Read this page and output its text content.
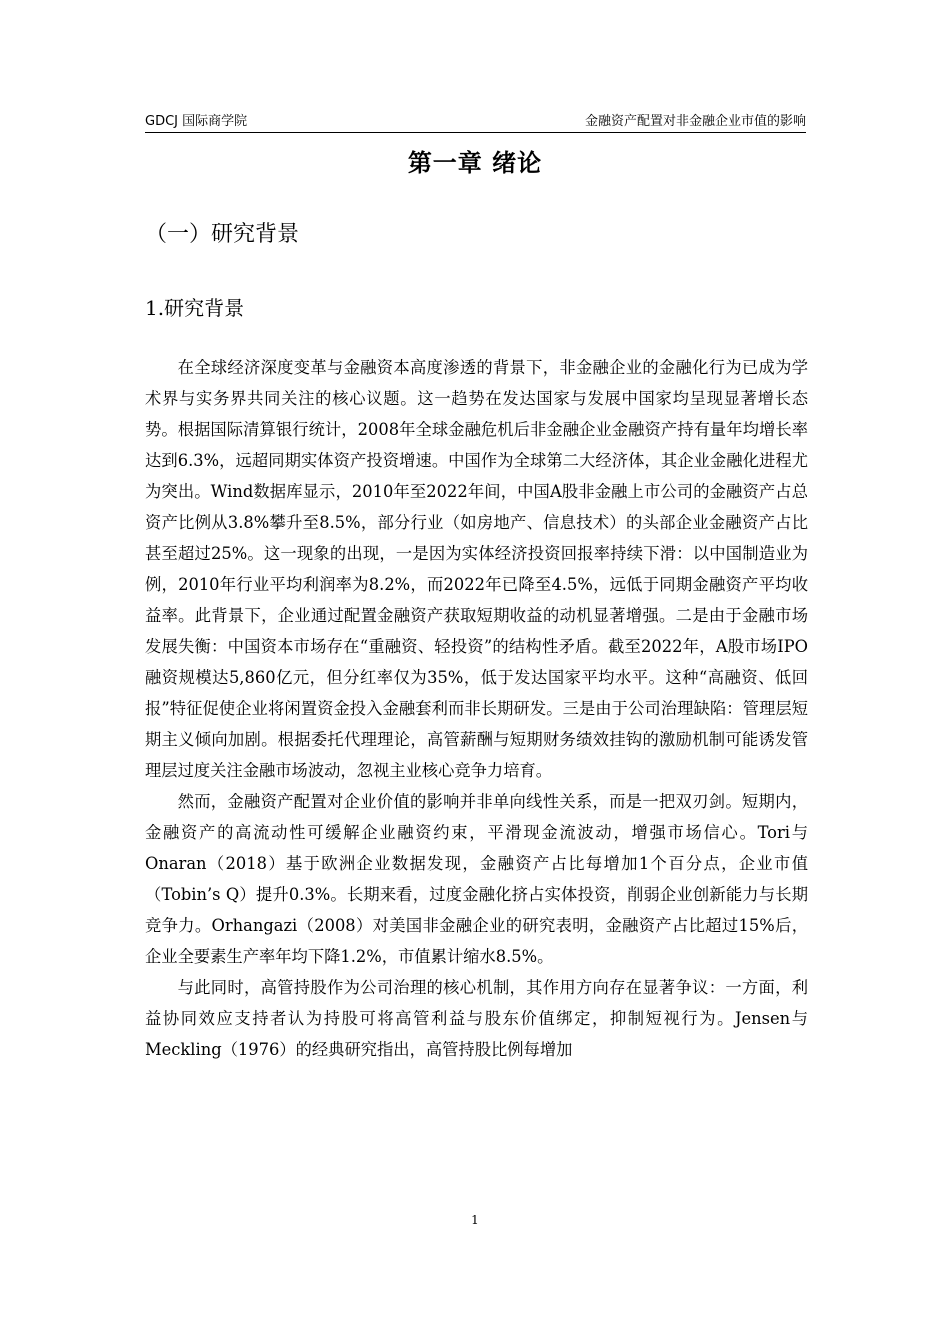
GDCJ 国际商学院	金融资产配置对非金融企业市值的影响
第一章 绪论
（一）研究背景
1.研究背景

在全球经济深度变革与金融资本高度渗透的背景下，非金融企业的金融化行为已成为学术界与实务界共同关注的核心议题。这一趋势在发达国家与发展中国家均呈现显著增长态势。根据国际清算银行统计，2008年全球金融危机后非金融企业金融资产持有量年均增长率达到6.3%，远超同期实体资产投资增速。中国作为全球第二大经济体，其企业金融化进程尤为突出。Wind数据库显示，2010年至2022年间，中国A股非金融上市公司的金融资产占总资产比例从3.8%攀升至8.5%，部分行业（如房地产、信息技术）的头部企业金融资产占比甚至超过25%。这一现象的出现，一是因为实体经济投资回报率持续下滑：以中国制造业为例，2010年行业平均利润率为8.2%，而2022年已降至4.5%，远低于同期金融资产平均收益率。此背景下，企业通过配置金融资产获取短期收益的动机显著增强。二是由于金融市场发展失衡：中国资本市场存在“重融资、轻投资”的结构性矛盾。截至2022年，A股市场IPO融资规模达5,860亿元，但分红率仅为35%，低于发达国家平均水平。这种“高融资、低回报”特征促使企业将闲置资金投入金融套利而非长期研发。三是由于公司治理缺陷：管理层短期主义倾向加剧。根据委托代理理论，高管薪酬与短期财务绩效挂钩的激励机制可能诱发管理层过度关注金融市场波动，忽视主业核心竞争力培育。

然而，金融资产配置对企业价值的影响并非单向线性关系，而是一把双刃剑。短期内，金融资产的高流动性可缓解企业融资约束，平滑现金流波动，增强市场信心。Tori与Onaran（2018）基于欧洲企业数据发现，金融资产占比每增加1个百分点，企业市值（Tobin’s Q）提升0.3%。长期来看，过度金融化挤占实体投资，削弱企业创新能力与长期竞争力。Orhangazi（2008）对美国非金融企业的研究表明，金融资产占比超过15%后，企业全要素生产率年均下降1.2%，市值累计缩水8.5%。

与此同时，高管持股作为公司治理的核心机制，其作用方向存在显著争议：一方面，利益协同效应支持者认为持股可将高管利益与股东价值绑定，抑制短视行为。Jensen与Meckling（1976）的经典研究指出，高管持股比例每增加

1
